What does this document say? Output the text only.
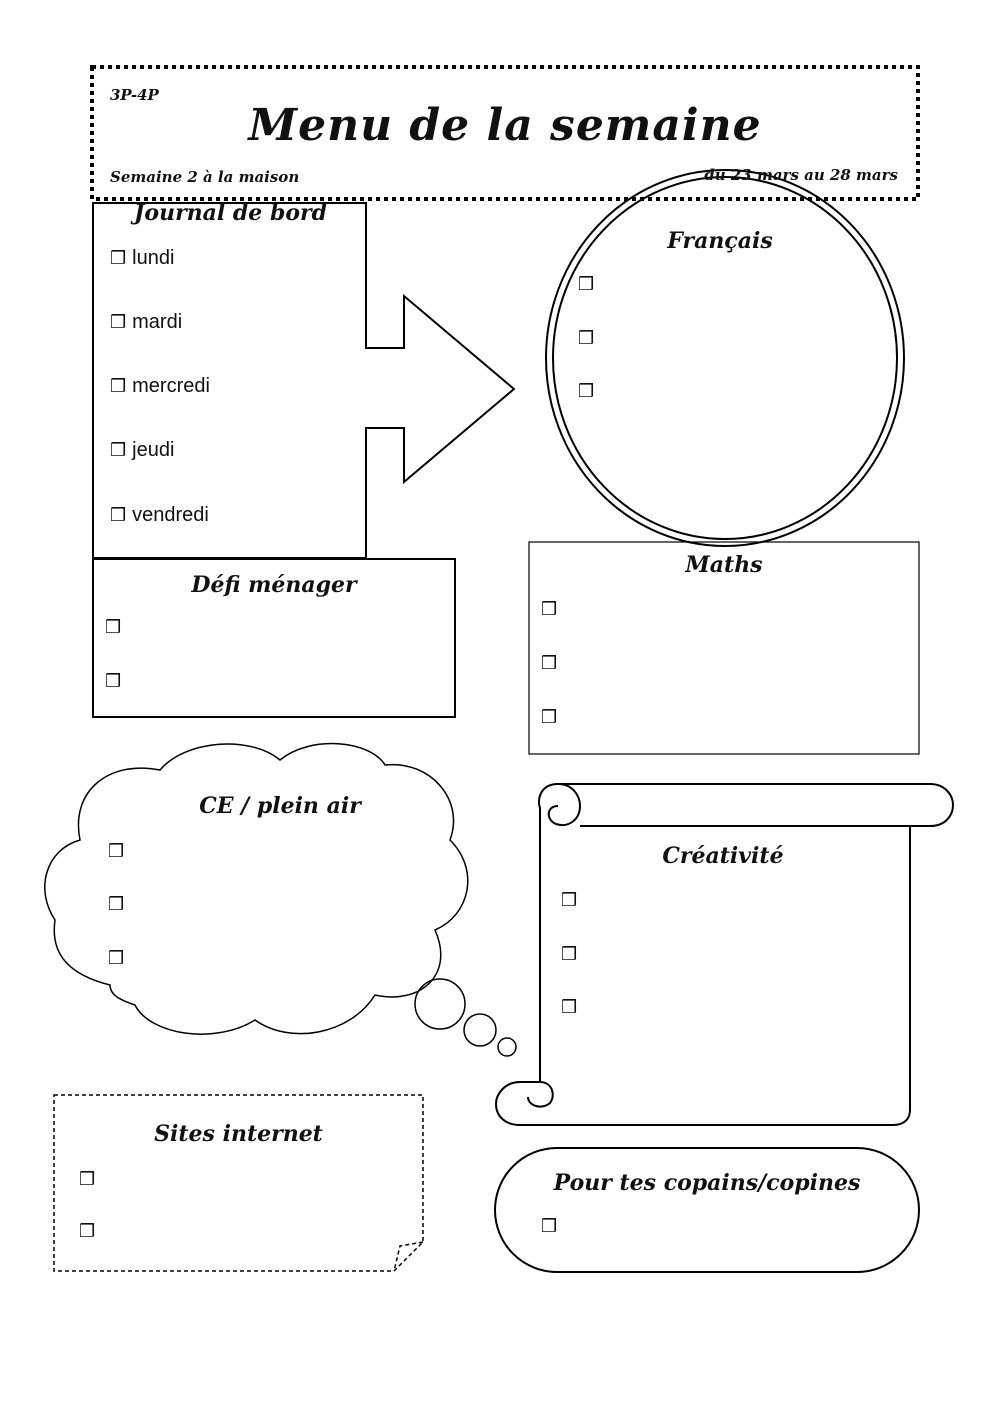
3P-4P
Menu de la semaine
Semaine 2 à la maison	du 23 mars au 28 mars
Journal de bord
❒ lundi
❒ mardi
❒ mercredi
❒ jeudi
❒ vendredi
Français
❒
❒
❒
Défi ménager
❒
❒
Maths
❒
❒
❒
CE / plein air
❒
❒
❒
Créativité
❒
❒
❒
Sites internet
❒
❒
Pour tes copains/copines
❒
